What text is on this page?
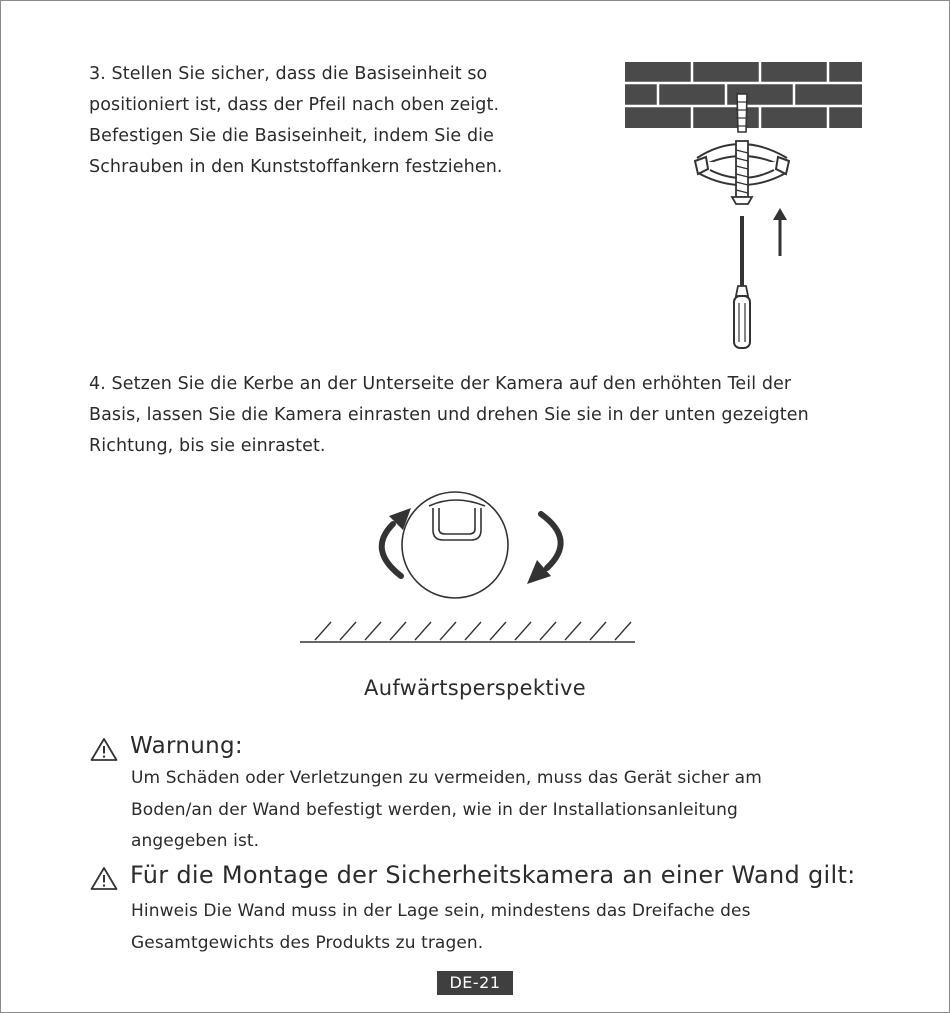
3. Stellen Sie sicher, dass die Basiseinheit so
positioniert ist, dass der Pfeil nach oben zeigt.
Befestigen Sie die Basiseinheit, indem Sie die
Schrauben in den Kunststoffankern festziehen.
4. Setzen Sie die Kerbe an der Unterseite der Kamera auf den erhöhten Teil der
Basis, lassen Sie die Kamera einrasten und drehen Sie sie in der unten gezeigten
Richtung, bis sie einrastet.
Aufwärtsperspektive
Warnung:
Um Schäden oder Verletzungen zu vermeiden, muss das Gerät sicher am
Boden/an der Wand befestigt werden, wie in der Installationsanleitung
angegeben ist.
Für die Montage der Sicherheitskamera an einer Wand gilt:
Hinweis Die Wand muss in der Lage sein, mindestens das Dreifache des
Gesamtgewichts des Produkts zu tragen.
DE-21
